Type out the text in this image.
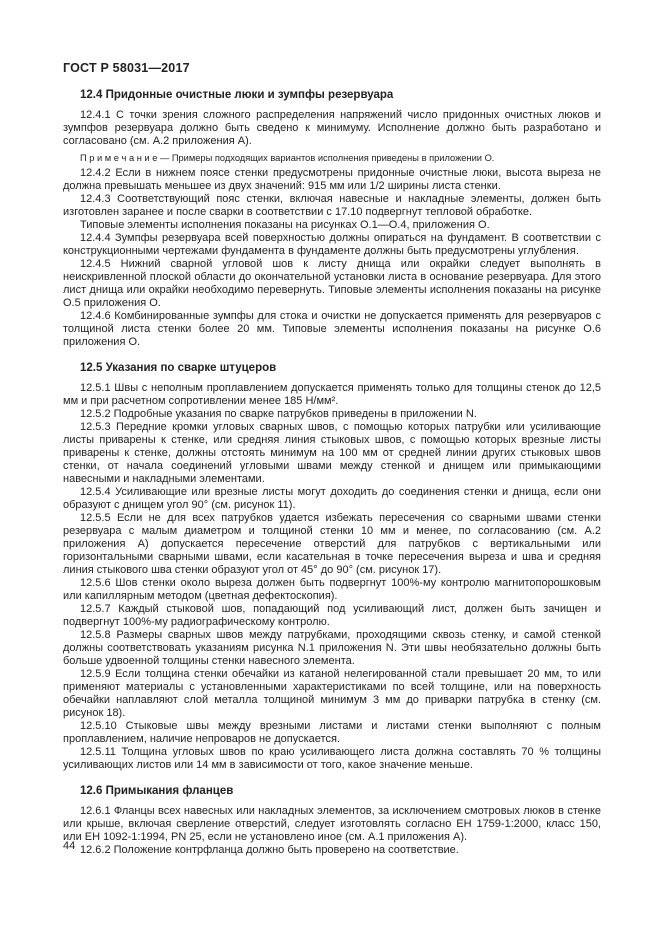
ГОСТ Р 58031—2017
12.4 Придонные очистные люки и зумпфы резервуара

12.4.1 С точки зрения сложного распределения напряжений число придонных очистных люков и зумпфов резервуара должно быть сведено к минимуму. Исполнение должно быть разработано и согласовано (см. А.2 приложения А).

П р и м е ч а н и е — Примеры подходящих вариантов исполнения приведены в приложении О.

12.4.2 Если в нижнем поясе стенки предусмотрены придонные очистные люки, высота выреза не должна превышать меньшее из двух значений: 915 мм или 1/2 ширины листа стенки.

12.4.3 Соответствующий пояс стенки, включая навесные и накладные элементы, должен быть изготовлен заранее и после сварки в соответствии с 17.10 подвергнут тепловой обработке.

Типовые элементы исполнения показаны на рисунках О.1—О.4, приложения О.

12.4.4 Зумпфы резервуара всей поверхностью должны опираться на фундамент. В соответствии с конструкционными чертежами фундамента в фундаменте должны быть предусмотрены углубления.

12.4.5 Нижний сварной угловой шов к листу днища или окрайки следует выполнять в неискривленной плоской области до окончательной установки листа в основание резервуара. Для этого лист днища или окрайки необходимо перевернуть. Типовые элементы исполнения показаны на рисунке О.5 приложения О.

12.4.6 Комбинированные зумпфы для стока и очистки не допускается применять для резервуаров с толщиной листа стенки более 20 мм. Типовые элементы исполнения показаны на рисунке О.6 приложения О.

12.5 Указания по сварке штуцеров

12.5.1 Швы с неполным проплавлением допускается применять только для толщины стенок до 12,5 мм и при расчетном сопротивлении менее 185 Н/мм².

12.5.2 Подробные указания по сварке патрубков приведены в приложении N.

12.5.3 Передние кромки угловых сварных швов, с помощью которых патрубки или усиливающие листы приварены к стенке, или средняя линия стыковых швов, с помощью которых врезные листы приварены к стенке, должны отстоять минимум на 100 мм от средней линии других стыковых швов стенки, от начала соединений угловыми швами между стенкой и днищем или примыкающими навесными и накладными элементами.

12.5.4 Усиливающие или врезные листы могут доходить до соединения стенки и днища, если они образуют с днищем угол 90° (см. рисунок 11).

12.5.5 Если не для всех патрубков удается избежать пересечения со сварными швами стенки резервуара с малым диаметром и толщиной стенки 10 мм и менее, по согласованию (см. А.2 приложения А) допускается пересечение отверстий для патрубков с вертикальными или горизонтальными сварными швами, если касательная в точке пересечения выреза и шва и средняя линия стыкового шва стенки образуют угол от 45° до 90° (см. рисунок 17).

12.5.6 Шов стенки около выреза должен быть подвергнут 100%-му контролю магнитопорошковым или капиллярным методом (цветная дефектоскопия).

12.5.7 Каждый стыковой шов, попадающий под усиливающий лист, должен быть зачищен и подвергнут 100%-му радиографическому контролю.

12.5.8 Размеры сварных швов между патрубками, проходящими сквозь стенку, и самой стенкой должны соответствовать указаниям рисунка N.1 приложения N. Эти швы необязательно должны быть больше удвоенной толщины стенки навесного элемента.

12.5.9 Если толщина стенки обечайки из катаной нелегированной стали превышает 20 мм, то или применяют материалы с установленными характеристиками по всей толщине, или на поверхность обечайки наплавляют слой металла толщиной минимум 3 мм до приварки патрубка в стенку (см. рисунок 18).

12.5.10 Стыковые швы между врезными листами и листами стенки выполняют с полным проплавлением, наличие непроваров не допускается.

12.5.11 Толщина угловых швов по краю усиливающего листа должна составлять 70 % толщины усиливающих листов или 14 мм в зависимости от того, какое значение меньше.

12.6 Примыкания фланцев

12.6.1 Фланцы всех навесных или накладных элементов, за исключением смотровых люков в стенке или крыше, включая сверление отверстий, следует изготовлять согласно ЕН 1759-1:2000, класс 150, или ЕН 1092-1:1994, PN 25, если не установлено иное (см. А.1 приложения А).

12.6.2 Положение контрфланца должно быть проверено на соответствие.

44
